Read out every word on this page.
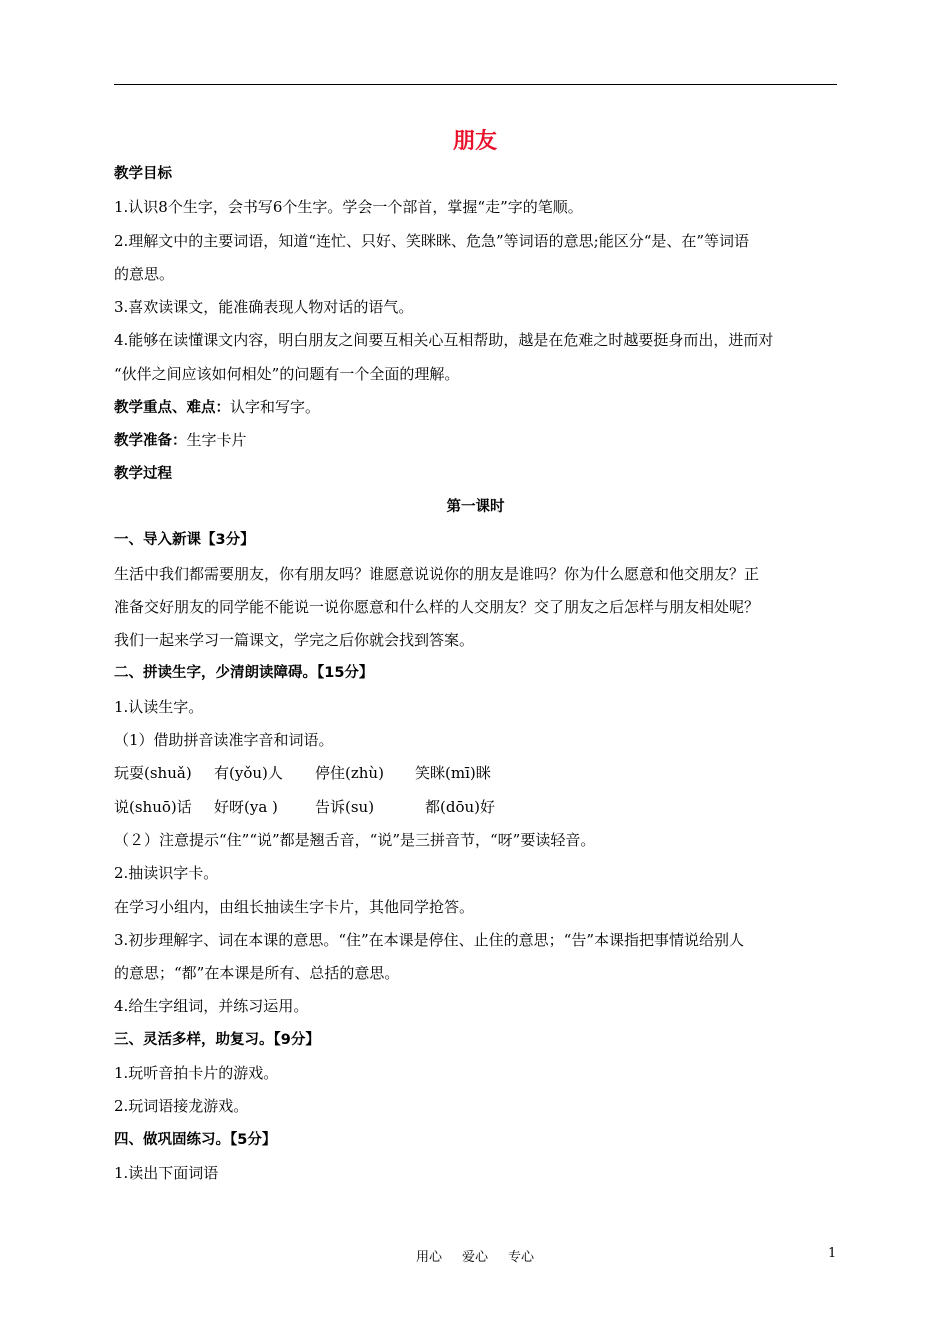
朋友
教学目标
1.认识8个生字，会书写6个生字。学会一个部首，掌握“走”字的笔顺。
2.理解文中的主要词语，知道“连忙、只好、笑眯眯、危急”等词语的意思;能区分“是、在”等词语
的意思。
3.喜欢读课文，能准确表现人物对话的语气。
4.能够在读懂课文内容，明白朋友之间要互相关心互相帮助，越是在危难之时越要挺身而出，进而对
“伙伴之间应该如何相处”的问题有一个全面的理解。
教学重点、难点：认字和写字。
教学准备：生字卡片
教学过程
第一课时
一、导入新课【3分】
生活中我们都需要朋友，你有朋友吗？谁愿意说说你的朋友是谁吗？你为什么愿意和他交朋友？正
准备交好朋友的同学能不能说一说你愿意和什么样的人交朋友？交了朋友之后怎样与朋友相处呢？
我们一起来学习一篇课文，学完之后你就会找到答案。
二、拼读生字，少清朗读障碍。【15分】
1.认读生字。
（1）借助拼音读准字音和词语。
玩耍(shuǎ) 有(yǒu)人 停住(zhù) 笑眯(mī)眯
说(shuō)话 好呀(ya ) 告诉(su)	都(dōu)好
（２）注意提示“住”“说”都是翘舌音，“说”是三拼音节，“呀”要读轻音。
2.抽读识字卡。
在学习小组内，由组长抽读生字卡片，其他同学抢答。
3.初步理解字、词在本课的意思。“住”在本课是停住、止住的意思；“告”本课指把事情说给别人
的意思；“都”在本课是所有、总括的意思。
4.给生字组词，并练习运用。
三、灵活多样，助复习。【9分】
1.玩听音拍卡片的游戏。
2.玩词语接龙游戏。
四、做巩固练习。【5分】
1.读出下面词语
用心 爱心 专心	1
